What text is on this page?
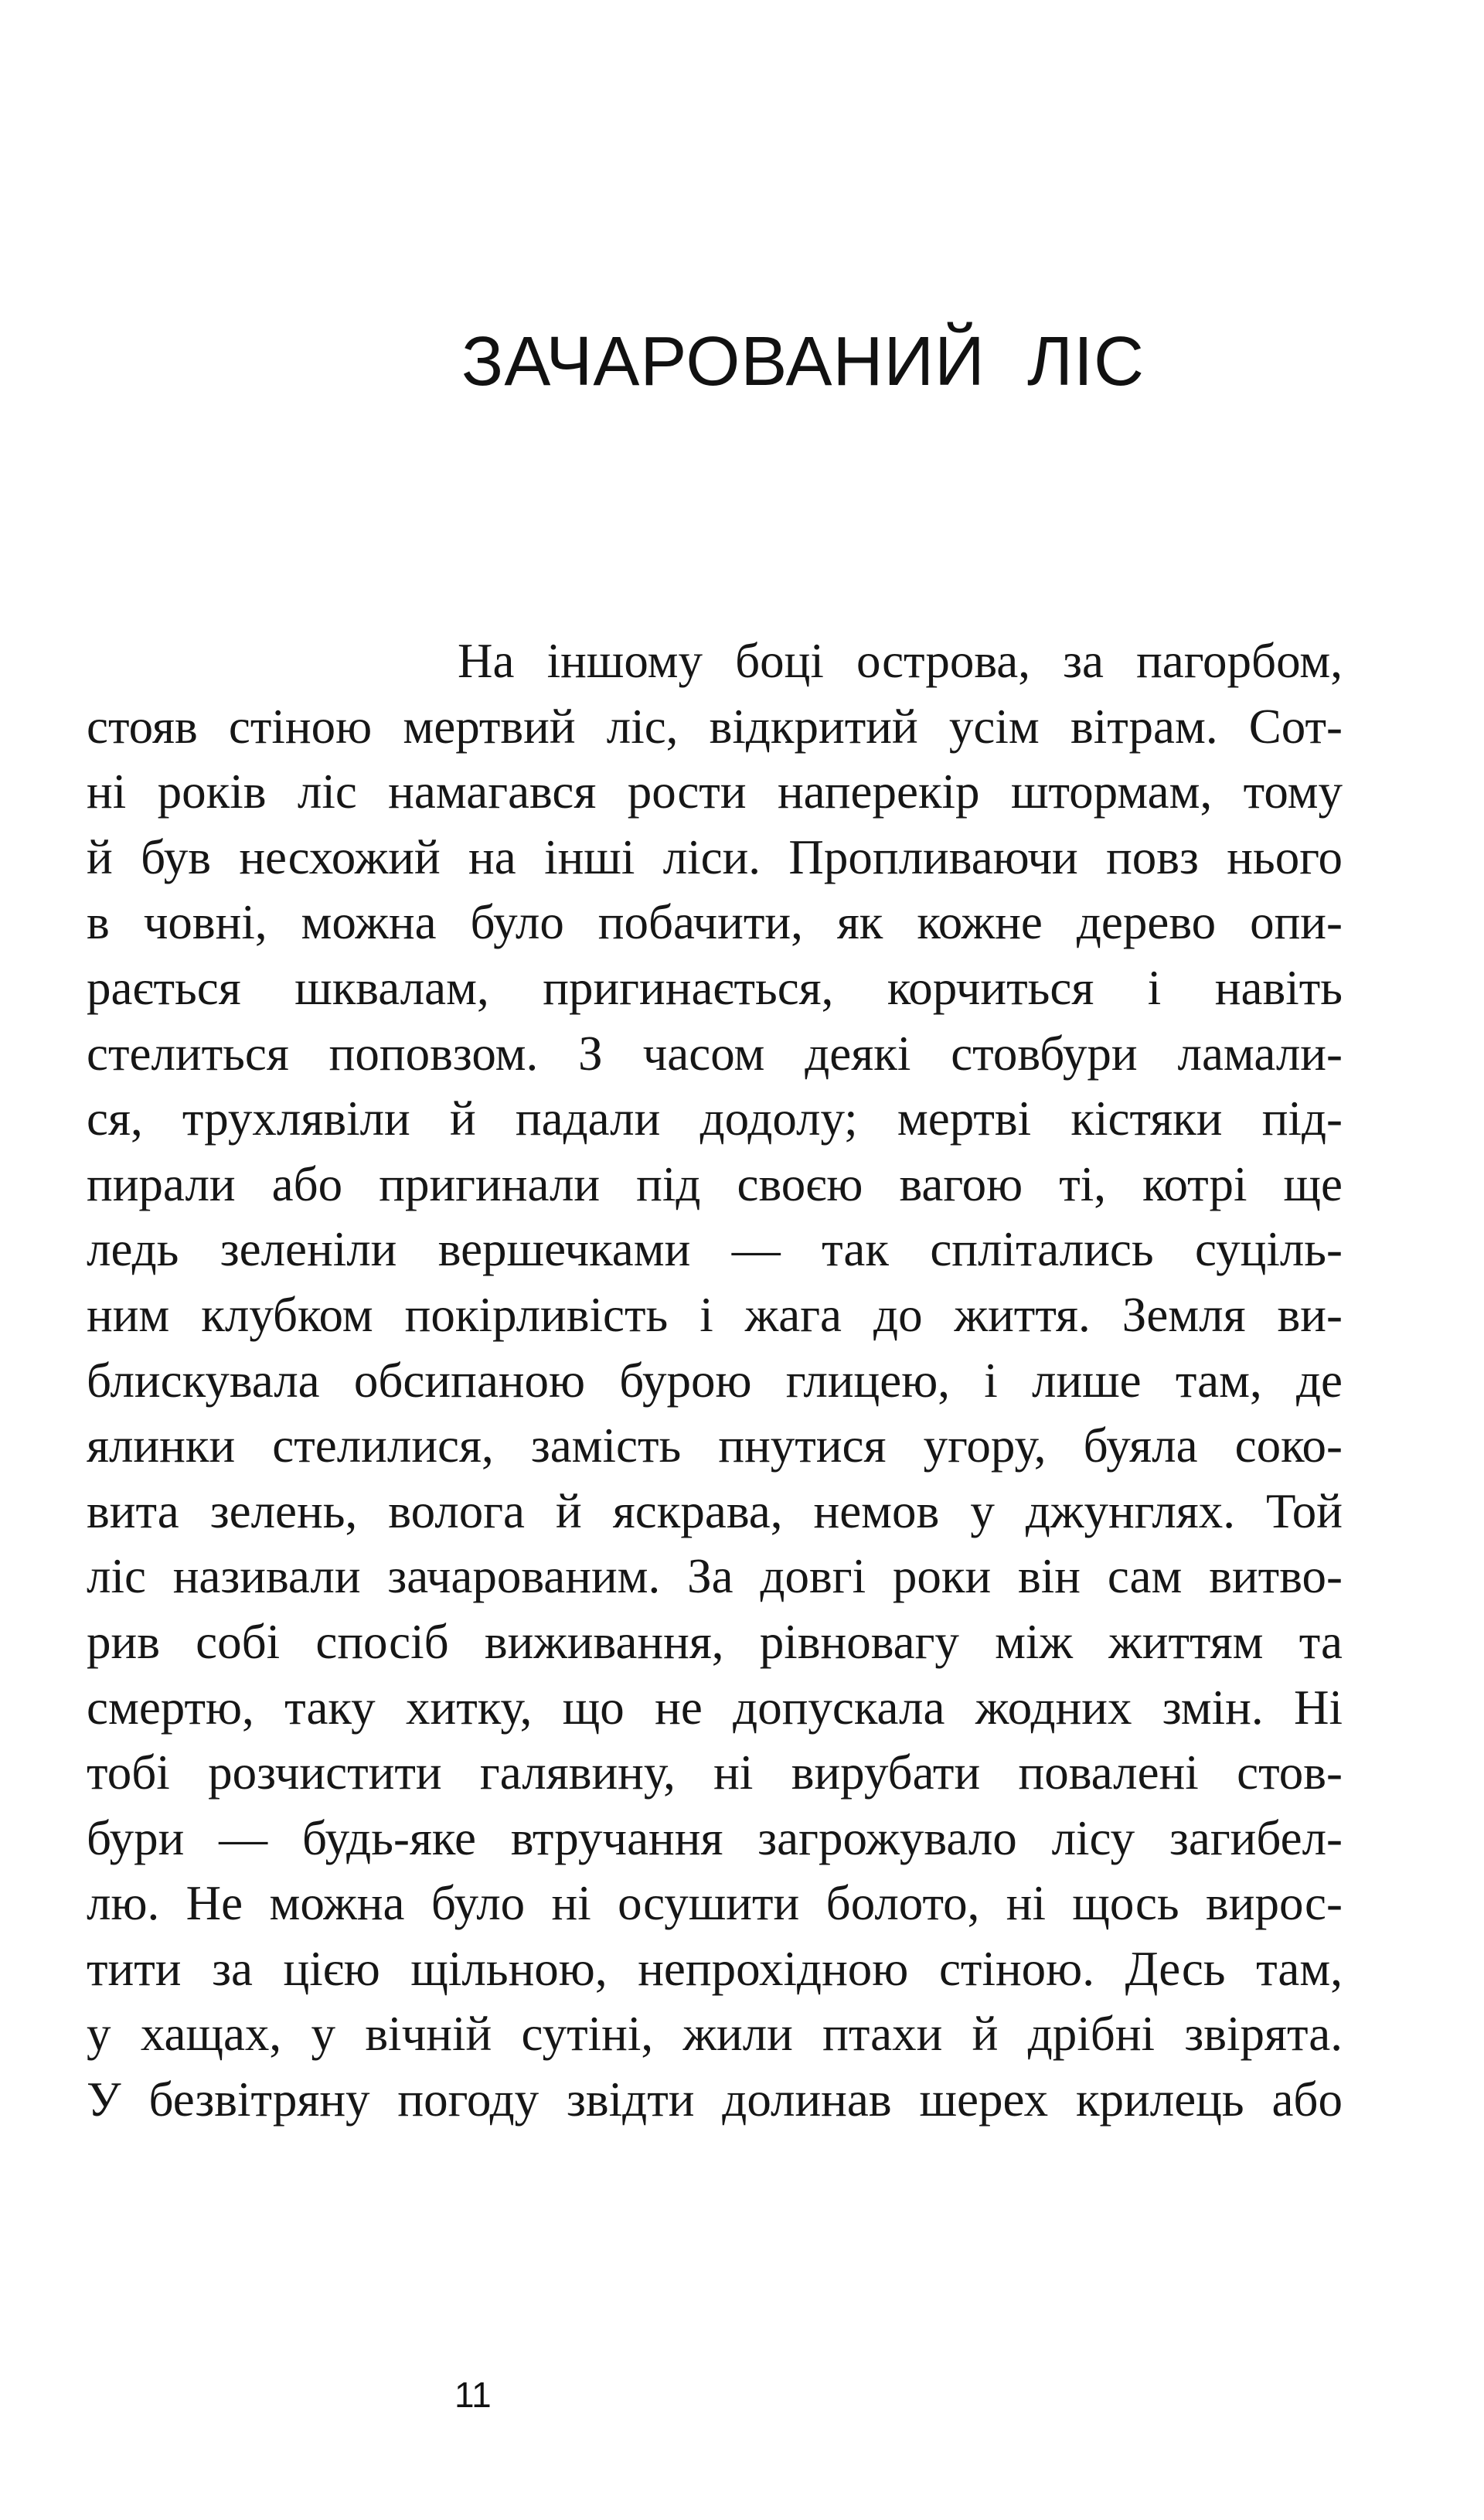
ЗАЧАРОВАНИЙ ЛІС
На іншому боці острова, за пагорбом,
стояв стіною мертвий ліс, відкритий усім вітрам. Сот-
ні років ліс намагався рости наперекір штормам, тому
й був несхожий на інші ліси. Пропливаючи повз нього
в човні, можна було побачити, як кожне дерево опи-
рається шквалам, пригинається, корчиться і навіть
стелиться поповзом. З часом деякі стовбури ламали-
ся, трухлявіли й падали додолу; мертві кістяки під-
пирали або пригинали під своєю вагою ті, котрі ще
ледь зеленіли вершечками — так сплітались суціль-
ним клубком покірливість і жага до життя. Земля ви-
блискувала обсипаною бурою глицею, і лише там, де
ялинки стелилися, замість пнутися угору, буяла соко-
вита зелень, волога й яскрава, немов у джунглях. Той
ліс називали зачарованим. За довгі роки він сам витво-
рив собі спосіб виживання, рівновагу між життям та
смертю, таку хитку, що не допускала жодних змін. Ні
тобі розчистити галявину, ні вирубати повалені стов-
бури — будь-яке втручання загрожувало лісу загибел-
лю. Не можна було ні осушити болото, ні щось вирос-
тити за цією щільною, непрохідною стіною. Десь там,
у хащах, у вічній сутіні, жили птахи й дрібні звірята.
У безвітряну погоду звідти долинав шерех крилець або
11
